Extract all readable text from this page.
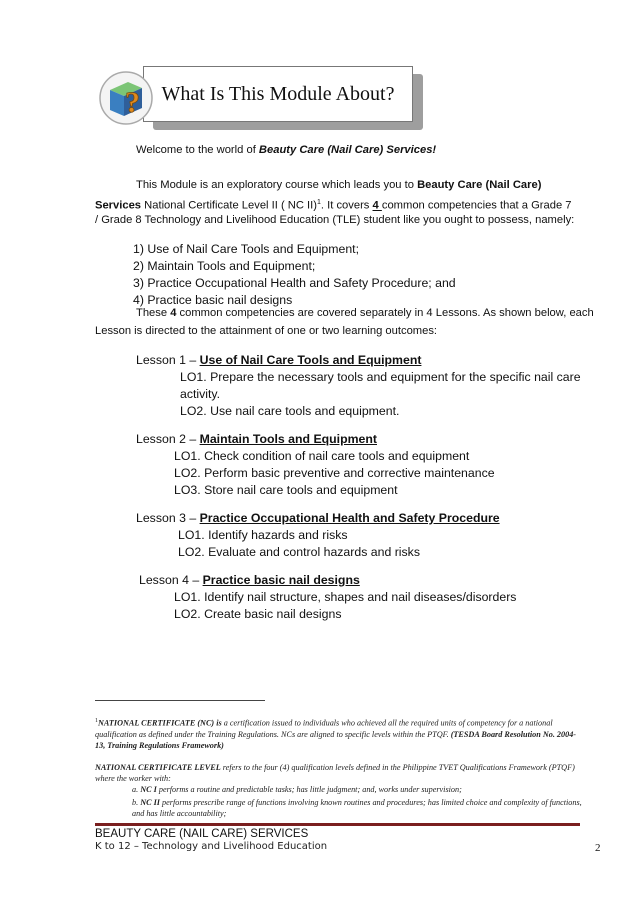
What Is This Module About?
?
Welcome to the world of Beauty Care (Nail Care) Services!
This Module is an exploratory course which leads you to Beauty Care (Nail Care)
Services National Certificate Level II ( NC II)$^1$. It covers 4 common competencies that a Grade 7
/ Grade 8 Technology and Livelihood Education (TLE) student like you ought to possess, namely:
1) Use of Nail Care Tools and Equipment;
2) Maintain Tools and Equipment;
3) Practice Occupational Health and Safety Procedure; and
4) Practice basic nail designs
These 4 common competencies are covered separately in 4 Lessons. As shown below, each
Lesson is directed to the attainment of one or two learning outcomes:
Lesson 1 – Use of Nail Care Tools and Equipment
LO1. Prepare the necessary tools and equipment for the specific nail care
activity.
LO2. Use nail care tools and equipment.
Lesson 2 – Maintain Tools and Equipment
LO1. Check condition of nail care tools and equipment
LO2. Perform basic preventive and corrective maintenance
LO3. Store nail care tools and equipment
Lesson 3 – Practice Occupational Health and Safety Procedure
LO1. Identify hazards and risks
LO2. Evaluate and control hazards and risks
Lesson 4 – Practice basic nail designs
LO1. Identify nail structure, shapes and nail diseases/disorders
LO2. Create basic nail designs
$^1$NATIONAL CERTIFICATE (NC) is a certification issued to individuals who achieved all the required units of competency for a national qualification as defined under the Training Regulations. NCs are aligned to specific levels within the PTQF. (TESDA Board Resolution No. 2004-13, Training Regulations Framework)
NATIONAL CERTIFICATE LEVEL refers to the four (4) qualification levels defined in the Philippine TVET Qualifications Framework (PTQF) where the worker with:
a. NC I performs a routine and predictable tasks; has little judgment; and, works under supervision;
b. NC II performs prescribe range of functions involving known routines and procedures; has limited choice and complexity of functions, and has little accountability;
BEAUTY CARE (NAIL CARE) SERVICES
K to 12 – Technology and Livelihood Education	2
